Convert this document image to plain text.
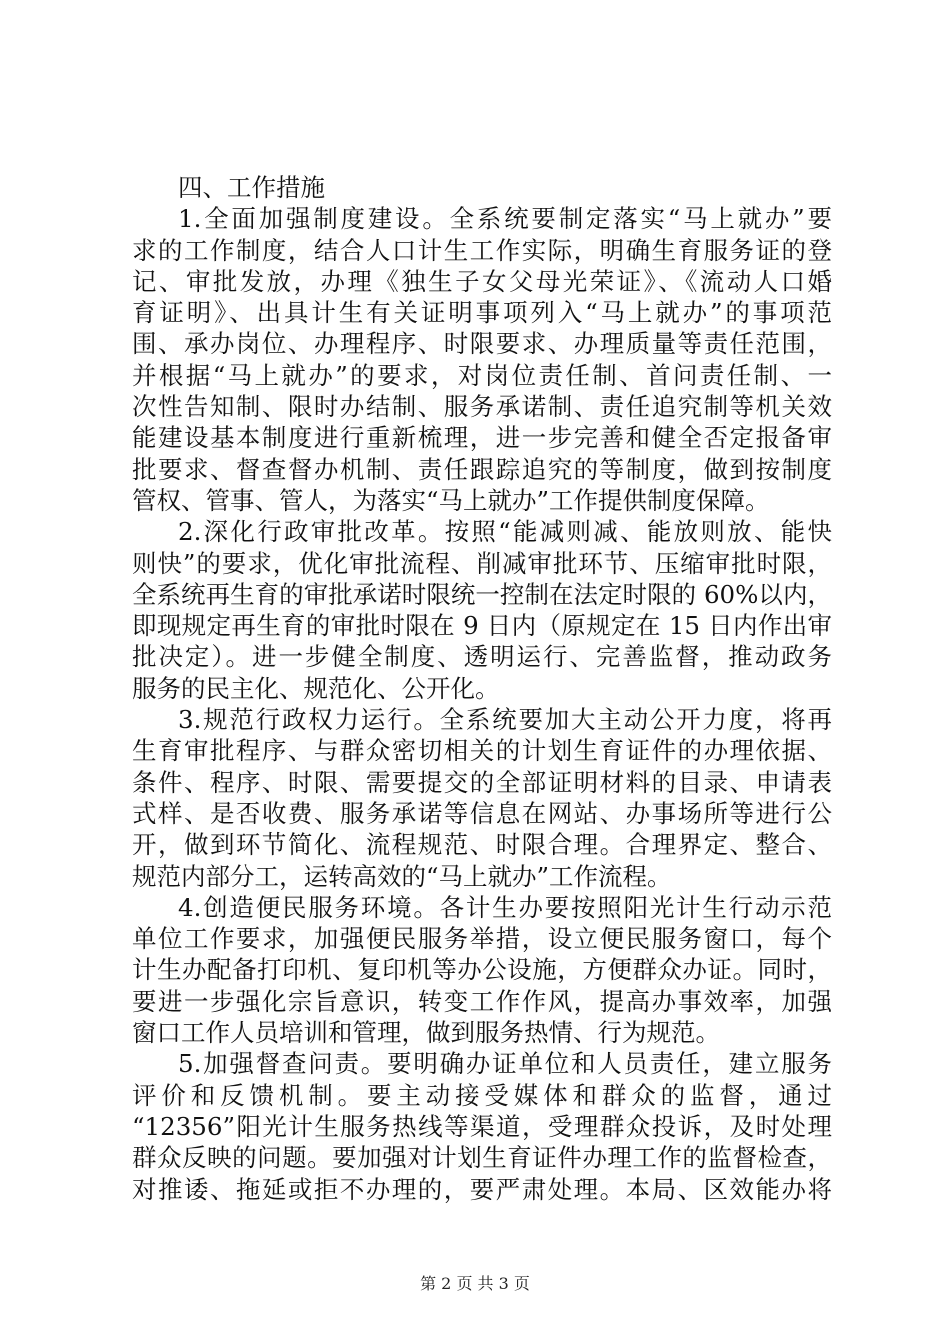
四、工作措施
1.全面加强制度建设。全系统要制定落实“马上就办”要
求的工作制度，结合人口计生工作实际，明确生育服务证的登
记、审批发放，办理《独生子女父母光荣证》、《流动人口婚
育证明》、出具计生有关证明事项列入“马上就办”的事项范
围、承办岗位、办理程序、时限要求、办理质量等责任范围，
并根据“马上就办”的要求，对岗位责任制、首问责任制、一
次性告知制、限时办结制、服务承诺制、责任追究制等机关效
能建设基本制度进行重新梳理，进一步完善和健全否定报备审
批要求、督查督办机制、责任跟踪追究的等制度，做到按制度
管权、管事、管人，为落实“马上就办”工作提供制度保障。
2.深化行政审批改革。按照“能减则减、能放则放、能快
则快”的要求，优化审批流程、削减审批环节、压缩审批时限，
全系统再生育的审批承诺时限统一控制在法定时限的 60%以内，
即现规定再生育的审批时限在 9 日内（原规定在 15 日内作出审
批决定）。进一步健全制度、透明运行、完善监督，推动政务
服务的民主化、规范化、公开化。
3.规范行政权力运行。全系统要加大主动公开力度，将再
生育审批程序、与群众密切相关的计划生育证件的办理依据、
条件、程序、时限、需要提交的全部证明材料的目录、申请表
式样、是否收费、服务承诺等信息在网站、办事场所等进行公
开，做到环节简化、流程规范、时限合理。合理界定、整合、
规范内部分工，运转高效的“马上就办”工作流程。
4.创造便民服务环境。各计生办要按照阳光计生行动示范
单位工作要求，加强便民服务举措，设立便民服务窗口，每个
计生办配备打印机、复印机等办公设施，方便群众办证。同时，
要进一步强化宗旨意识，转变工作作风，提高办事效率，加强
窗口工作人员培训和管理，做到服务热情、行为规范。
5.加强督查问责。要明确办证单位和人员责任，建立服务
评价和反馈机制。要主动接受媒体和群众的监督，通过
“12356”阳光计生服务热线等渠道，受理群众投诉，及时处理
群众反映的问题。要加强对计划生育证件办理工作的监督检查，
对推诿、拖延或拒不办理的，要严肃处理。本局、区效能办将
第 2 页 共 3 页
